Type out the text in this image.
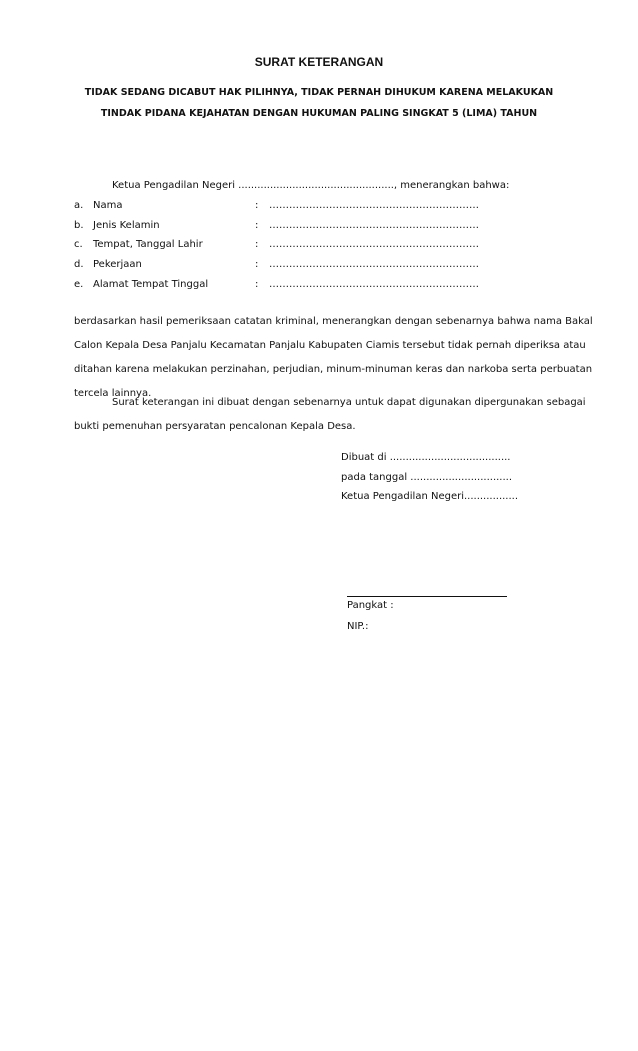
SURAT KETERANGAN
TIDAK SEDANG DICABUT HAK PILIHNYA, TIDAK PERNAH DIHUKUM KARENA MELAKUKAN
TINDAK PIDANA KEJAHATAN DENGAN HUKUMAN PALING SINGKAT 5 (LIMA) TAHUN
Ketua Pengadilan Negeri ................................................., menerangkan bahwa:
a. Nama	: ………………………………………………………
b. Jenis Kelamin	: ………………………………………………………
c. Tempat, Tanggal Lahir	: ………………………………………………………
d. Pekerjaan	: ………………………………………………………
e. Alamat Tempat Tinggal	: ………………………………………………………
berdasarkan hasil pemeriksaan catatan kriminal, menerangkan dengan sebenarnya bahwa nama Bakal
Calon Kepala Desa Panjalu Kecamatan Panjalu Kabupaten Ciamis tersebut tidak pernah diperiksa atau
ditahan karena melakukan perzinahan, perjudian, minum-minuman keras dan narkoba serta perbuatan
tercela lainnya.
Surat keterangan ini dibuat dengan sebenarnya untuk dapat digunakan dipergunakan sebagai
bukti pemenuhan persyaratan pencalonan Kepala Desa.
Dibuat di ......................................
pada tanggal ................................
Ketua Pengadilan Negeri.................
Pangkat :
NIP.:
